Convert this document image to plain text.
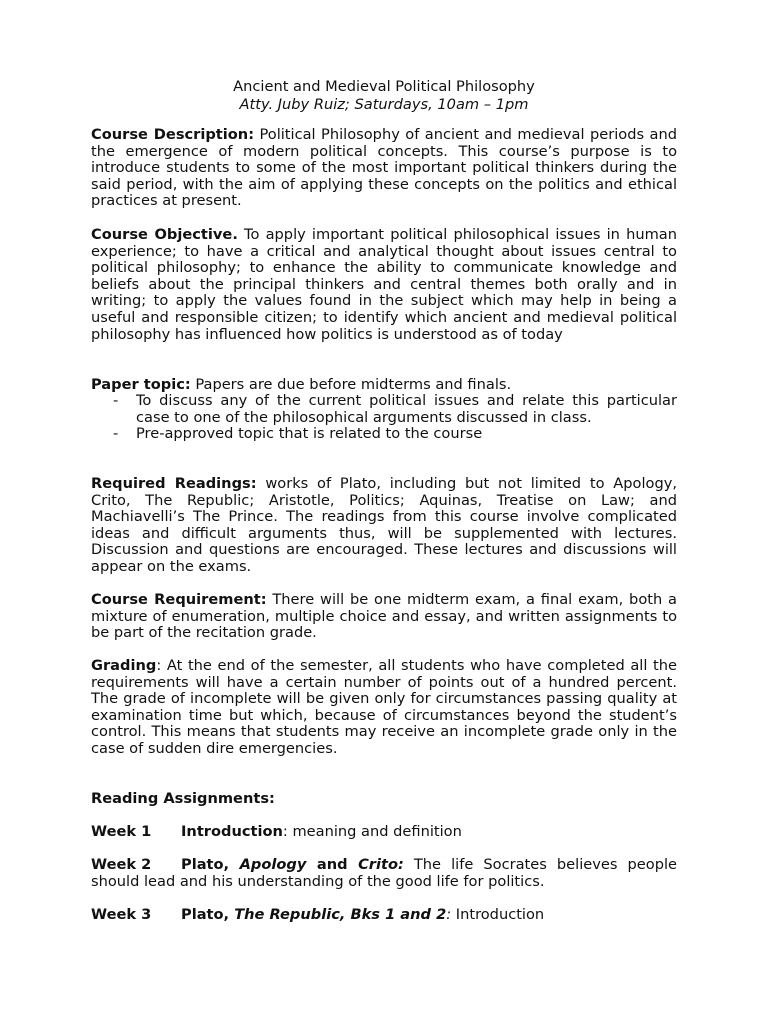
Ancient and Medieval Political Philosophy
Atty. Juby Ruiz; Saturdays, 10am – 1pm
Course Description: Political Philosophy of ancient and medieval periods and the emergence of modern political concepts. This course’s purpose is to introduce students to some of the most important political thinkers during the said period, with the aim of applying these concepts on the politics and ethical practices at present.
Course Objective. To apply important political philosophical issues in human experience; to have a critical and analytical thought about issues central to political philosophy; to enhance the ability to communicate knowledge and beliefs about the principal thinkers and central themes both orally and in writing; to apply the values found in the subject which may help in being a useful and responsible citizen; to identify which ancient and medieval political philosophy has influenced how politics is understood as of today
Paper topic: Papers are due before midterms and finals.
- To discuss any of the current political issues and relate this particular case to one of the philosophical arguments discussed in class.
- Pre-approved topic that is related to the course
Required Readings: works of Plato, including but not limited to Apology, Crito, The Republic; Aristotle, Politics; Aquinas, Treatise on Law; and Machiavelli’s The Prince. The readings from this course involve complicated ideas and difficult arguments thus, will be supplemented with lectures. Discussion and questions are encouraged. These lectures and discussions will appear on the exams.
Course Requirement: There will be one midterm exam, a final exam, both a mixture of enumeration, multiple choice and essay, and written assignments to be part of the recitation grade.
Grading: At the end of the semester, all students who have completed all the requirements will have a certain number of points out of a hundred percent. The grade of incomplete will be given only for circumstances passing quality at examination time but which, because of circumstances beyond the student’s control. This means that students may receive an incomplete grade only in the case of sudden dire emergencies.
Reading Assignments:
Week 1 Introduction: meaning and definition
Week 2 Plato, Apology and Crito: The life Socrates believes people should lead and his understanding of the good life for politics.
Week 3 Plato, The Republic, Bks 1 and 2: Introduction
